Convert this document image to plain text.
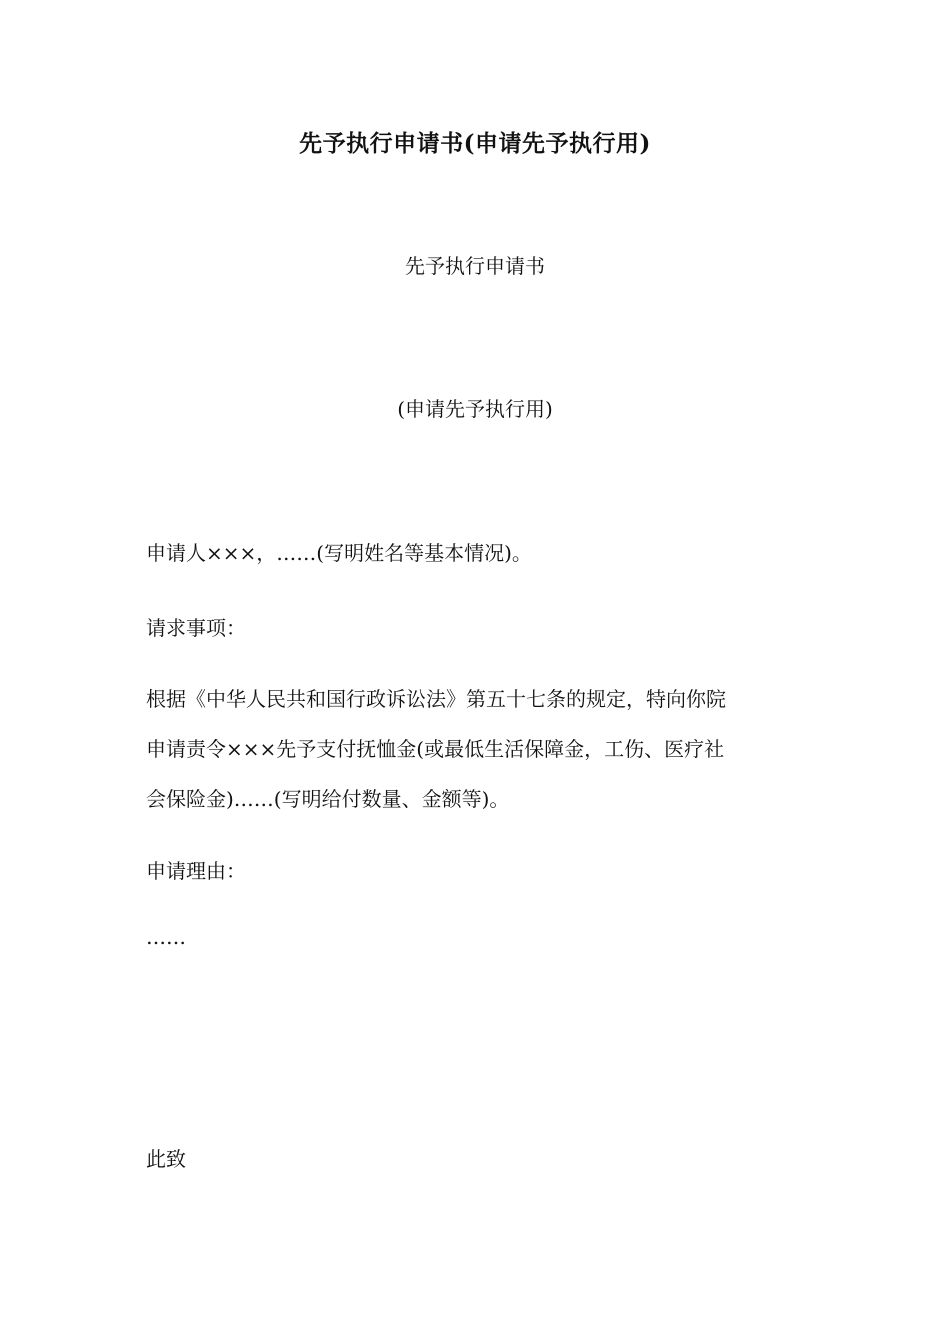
先予执行申请书(申请先予执行用)

先予执行申请书

(申请先予执行用)

申请人×××，……(写明姓名等基本情况)。

请求事项：

根据《中华人民共和国行政诉讼法》第五十七条的规定，特向你院

申请责令×××先予支付抚恤金(或最低生活保障金，工伤、医疗社

会保险金)……(写明给付数量、金额等)。

申请理由：

……

此致
